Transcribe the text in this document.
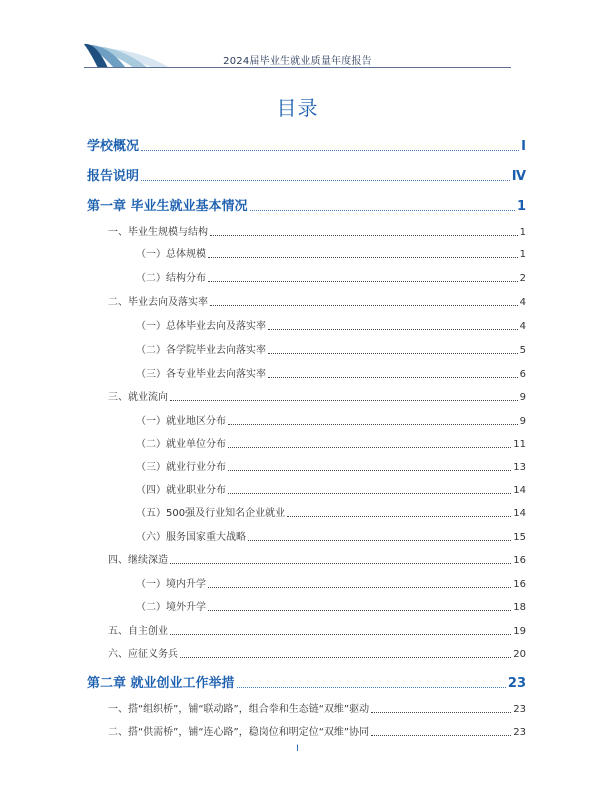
2024届毕业生就业质量年度报告
目录
学校概况	Ⅰ
报告说明	Ⅳ
第一章 毕业生就业基本情况	1
一、毕业生规模与结构	1
（一）总体规模	1
（二）结构分布	2
二、毕业去向及落实率	4
（一）总体毕业去向及落实率	4
（二）各学院毕业去向落实率	5
（三）各专业毕业去向落实率	6
三、就业流向	9
（一）就业地区分布	9
（二）就业单位分布	11
（三）就业行业分布	13
（四）就业职业分布	14
（五）500强及行业知名企业就业	14
（六）服务国家重大战略	15
四、继续深造	16
（一）境内升学	16
（二）境外升学	18
五、自主创业	19
六、应征义务兵	20
第二章 就业创业工作举措	23
一、搭“组织桥”，铺“联动路”，组合拳和生态链“双维”驱动	23
二、搭“供需桥”，铺“连心路”，稳岗位和明定位“双维”协同	23
Ⅰ
